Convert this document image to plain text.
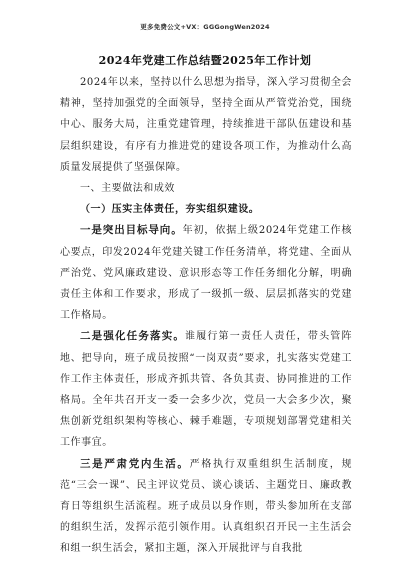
更多免费公文+VX：GGGongWen2024
2024年党建工作总结暨2025年工作计划

2024年以来，坚持以什么思想为指导，深入学习贯彻全会精神，坚持加强党的全面领导，坚持全面从严管党治党，围绕中心、服务大局，注重党建管理，持续推进干部队伍建设和基层组织建设，有序有力推进党的建设各项工作，为推动什么高质量发展提供了坚强保障。

一、主要做法和成效

（一）压实主体责任，夯实组织建设。

一是突出目标导向。年初，依据上级2024年党建工作核心要点，印发2024年党建关键工作任务清单，将党建、全面从严治党、党风廉政建设、意识形态等工作任务细化分解，明确责任主体和工作要求，形成了一级抓一级、层层抓落实的党建工作格局。

二是强化任务落实。谁履行第一责任人责任，带头管阵地、把导向，班子成员按照“一岗双责”要求，扎实落实党建工作工作主体责任，形成齐抓共管、各负其责、协同推进的工作格局。全年共召开支一委一会多少次，党员一大会多少次，聚焦创新党组织架构等核心、棘手难题，专项规划部署党建相关工作事宜。

三是严肃党内生活。严格执行双重组织生活制度，规范“三会一课”、民主评议党员、谈心谈话、主题党日、廉政教育日等组织生活流程。班子成员以身作则，带头参加所在支部的组织生活，发挥示范引领作用。认真组织召开民一主生活会和组一织生活会，紧扣主题，深入开展批评与自我批
